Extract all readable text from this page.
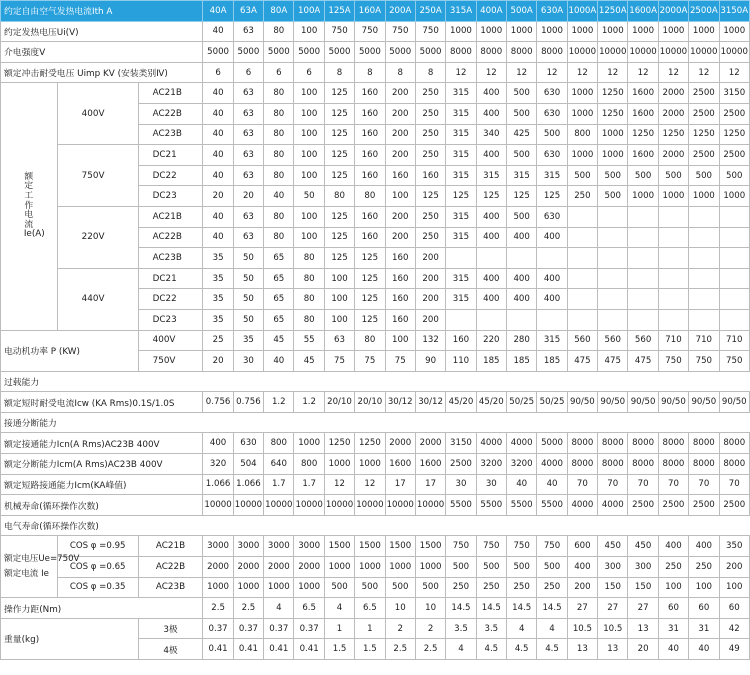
约定自由空气发热电流Ith A			40A	63A	80A	100A	125A	160A	200A	250A	315A	400A	500A	630A	1000A	1250A	1600A	2000A	2500A	3150A
约定发热电压Ui(V)			40	63	80	100	750	750	750	750	1000	1000	1000	1000	1000	1000	1000	1000	1000	1000
介电强度V			5000	5000	5000	5000	5000	5000	5000	5000	8000	8000	8000	8000	10000	10000	10000	10000	10000	10000
额定冲击耐受电压 Uimp KV (安装类别Ⅳ)			6	6	6	6	8	8	8	8	12	12	12	12	12	12	12	12	12	12

额定工作电流 Ie(A)	400V	AC21B	40	63	80	100	125	160	200	250	315	400	500	630	1000	1250	1600	2000	2500	3150
		AC22B	40	63	80	100	125	160	200	250	315	400	500	630	1000	1250	1600	2000	2500	2500
		AC23B	40	63	80	100	125	160	200	250	315	340	425	500	800	1000	1250	1250	1250	1250
	750V	DC21	40	63	80	100	125	160	200	250	315	400	500	630	1000	1000	1600	2000	2500	2500
		DC22	40	63	80	100	125	160	160	160	315	315	315	315	500	500	500	500	500	500
		DC23	20	20	40	50	80	80	100	125	125	125	125	125	250	500	1000	1000	1000	1000
	220V	AC21B	40	63	80	100	125	160	200	250	315	400	500	630						
		AC22B	40	63	80	100	125	160	200	250	315	400	400	400						
		AC23B	35	50	65	80	125	125	160	200										
	440V	DC21	35	50	65	80	100	125	160	200	315	400	400	400						
		DC22	35	50	65	80	100	125	160	200	315	400	400	400						
		DC23	35	50	65	80	100	125	160	200										
电动机功率 P (KW)		400V	25	35	45	55	63	80	100	132	160	220	280	315	560	560	560	710	710	710
		750V	20	30	40	45	75	75	75	90	110	185	185	185	475	475	475	750	750	750
过载能力																				
额定短时耐受电流Icw (KA Rms)0.1S/1.0S			0.756	0.756	1.2	1.2	20/10	20/10	30/12	30/12	45/20	45/20	50/25	50/25	90/50	90/50	90/50	90/50	90/50	90/50
接通分断能力																				
额定接通能力Icn(A Rms)AC23B 400V			400	630	800	1000	1250	1250	2000	2000	3150	4000	4000	5000	8000	8000	8000	8000	8000	8000
额定分断能力Icm(A Rms)AC23B 400V			320	504	640	800	1000	1000	1600	1600	2500	3200	3200	4000	8000	8000	8000	8000	8000	8000
额定短路接通能力Icm(KA峰值)			1.066	1.066	1.7	1.7	12	12	17	17	30	30	40	40	70	70	70	70	70	70
机械寿命(循环操作次数)			10000	10000	10000	10000	10000	10000	10000	10000	5500	5500	5500	5500	4000	4000	2500	2500	2500	2500
电气寿命(循环操作次数)																				

额定电压Ue=750V
额定电流 Ie	COS φ =0.95	AC21B	3000	3000	3000	3000	1500	1500	1500	1500	750	750	750	750	600	450	450	400	400	350
	COS φ =0.65	AC22B	2000	2000	2000	2000	1000	1000	1000	1000	500	500	500	500	400	300	300	250	250	200
	COS φ =0.35	AC23B	1000	1000	1000	1000	500	500	500	500	250	250	250	250	200	150	150	100	100	100
操作力距(Nm)			2.5	2.5	4	6.5	4	6.5	10	10	14.5	14.5	14.5	14.5	27	27	27	60	60	60
重量(kg)		3极	0.37	0.37	0.37	0.37	1	1	2	2	3.5	3.5	4	4	10.5	10.5	13	31	31	42
		4极	0.41	0.41	0.41	0.41	1.5	1.5	2.5	2.5	4	4.5	4.5	4.5	13	13	20	40	40	49
